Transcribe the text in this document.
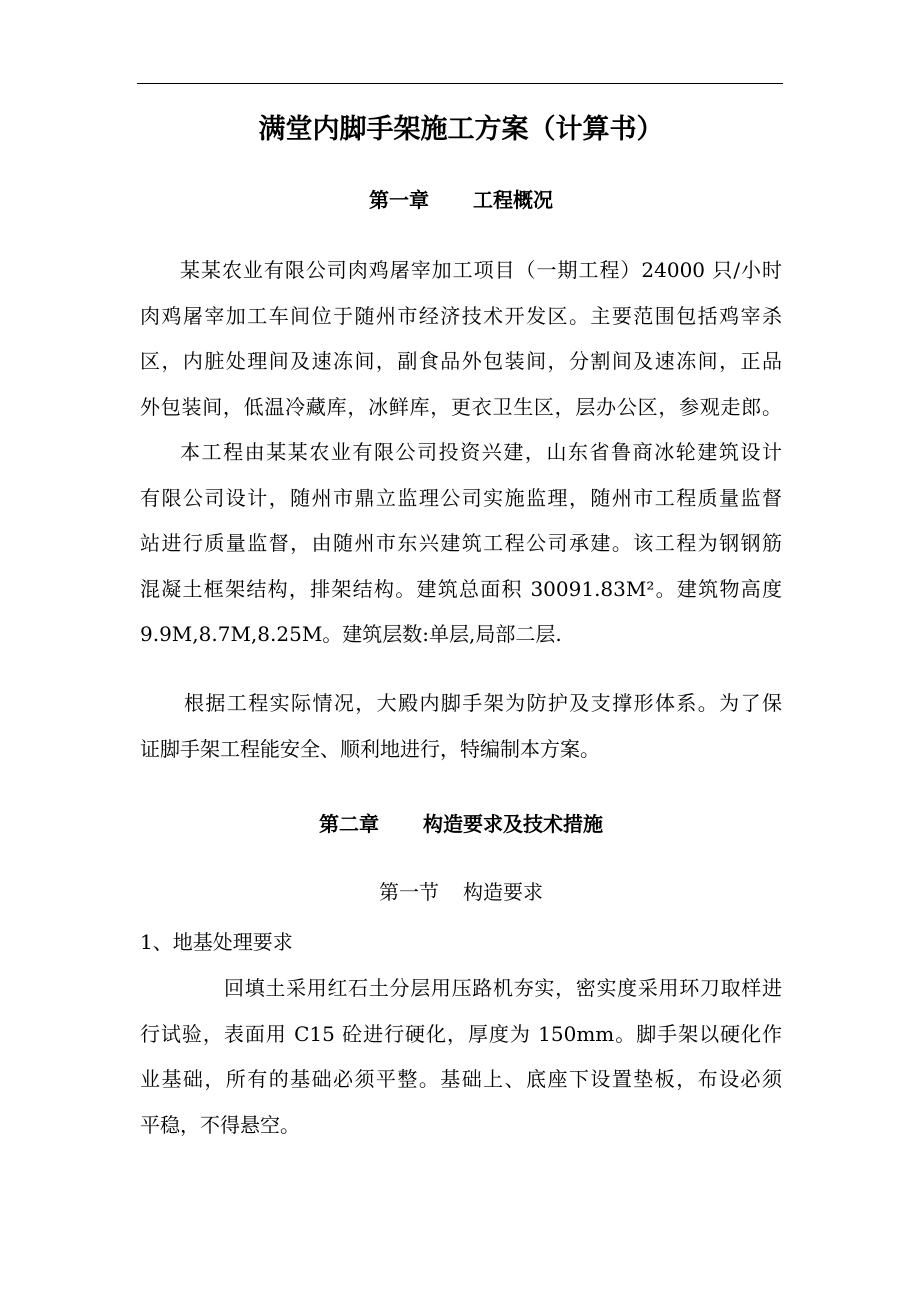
满堂内脚手架施工方案（计算书）
第一章 工程概况
某某农业有限公司肉鸡屠宰加工项目（一期工程）24000 只/小时
肉鸡屠宰加工车间位于随州市经济技术开发区。主要范围包括鸡宰杀
区，内脏处理间及速冻间，副食品外包装间，分割间及速冻间，正品
外包装间，低温冷藏库，冰鲜库，更衣卫生区，层办公区，参观走郎。
本工程由某某农业有限公司投资兴建，山东省鲁商冰轮建筑设计
有限公司设计，随州市鼎立监理公司实施监理，随州市工程质量监督
站进行质量监督，由随州市东兴建筑工程公司承建。该工程为钢钢筋
混凝土框架结构，排架结构。建筑总面积 30091.83M²。建筑物高度
9.9M,8.7M,8.25M。建筑层数:单层,局部二层.
根据工程实际情况，大殿内脚手架为防护及支撑形体系。为了保
证脚手架工程能安全、顺利地进行，特编制本方案。
第二章 构造要求及技术措施
第一节 构造要求
1、地基处理要求
回填土采用红石土分层用压路机夯实，密实度采用环刀取样进
行试验，表面用 C15 砼进行硬化，厚度为 150mm。脚手架以硬化作
业基础，所有的基础必须平整。基础上、底座下设置垫板，布设必须
平稳，不得悬空。
